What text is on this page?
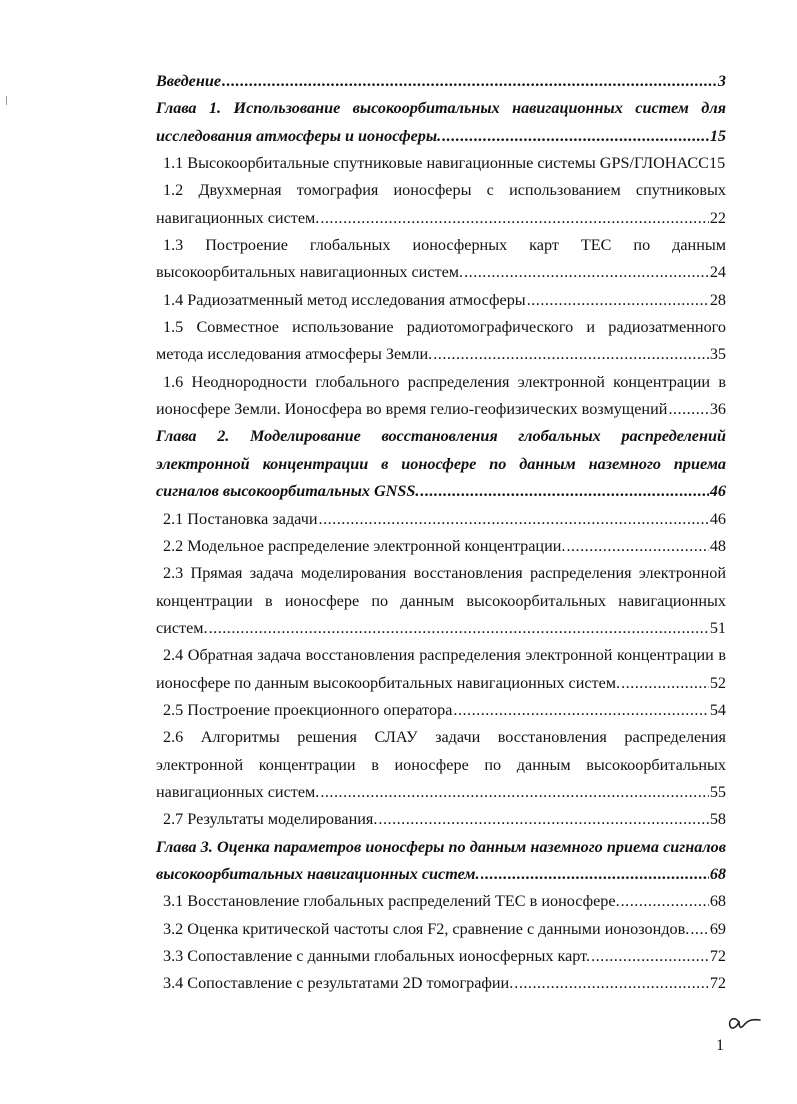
Введение .....	3
Глава 1. Использование высокоорбитальных навигационных систем для
исследования атмосферы и ионосферы. .....	15
1.1 Высокоорбитальные спутниковые навигационные системы GPS/ГЛОНАСС 15
1.2 Двухмерная томография ионосферы с использованием спутниковых
навигационных систем. .....	22
1.3 Построение глобальных ионосферных карт ТЕС по данным
высокоорбитальных навигационных систем. .....	24
1.4 Радиозатменный метод исследования атмосферы .....	28
1.5 Совместное использование радиотомографического и радиозатменного
метода исследования атмосферы Земли. .....	35
1.6 Неоднородности глобального распределения электронной концентрации в
ионосфере Земли. Ионосфера во время гелио-геофизических возмущений .....	36
Глава 2. Моделирование восстановления глобальных распределений
электронной концентрации в ионосфере по данным наземного приема
сигналов высокоорбитальных GNSS. .....	46
2.1 Постановка задачи .....	46
2.2 Модельное распределение электронной концентрации. .....	48
2.3 Прямая задача моделирования восстановления распределения электронной
концентрации в ионосфере по данным высокоорбитальных навигационных
систем. .....	51
2.4 Обратная задача восстановления распределения электронной концентрации в
ионосфере по данным высокоорбитальных навигационных систем. .....	52
2.5 Построение проекционного оператора .....	54
2.6 Алгоритмы решения СЛАУ задачи восстановления распределения
электронной концентрации в ионосфере по данным высокоорбитальных
навигационных систем. .....	55
2.7 Результаты моделирования. .....	58
Глава 3. Оценка параметров ионосферы по данным наземного приема сигналов
высокоорбитальных навигационных систем. .....	68
3.1 Восстановление глобальных распределений ТЕС в ионосфере. .....	68
3.2 Оценка критической частоты слоя F2, сравнение с данными ионозондов. ..... 69
3.3 Сопоставление с данными глобальных ионосферных карт. .....	72
3.4 Сопоставление с результатами 2D томографии. .....	72
1
